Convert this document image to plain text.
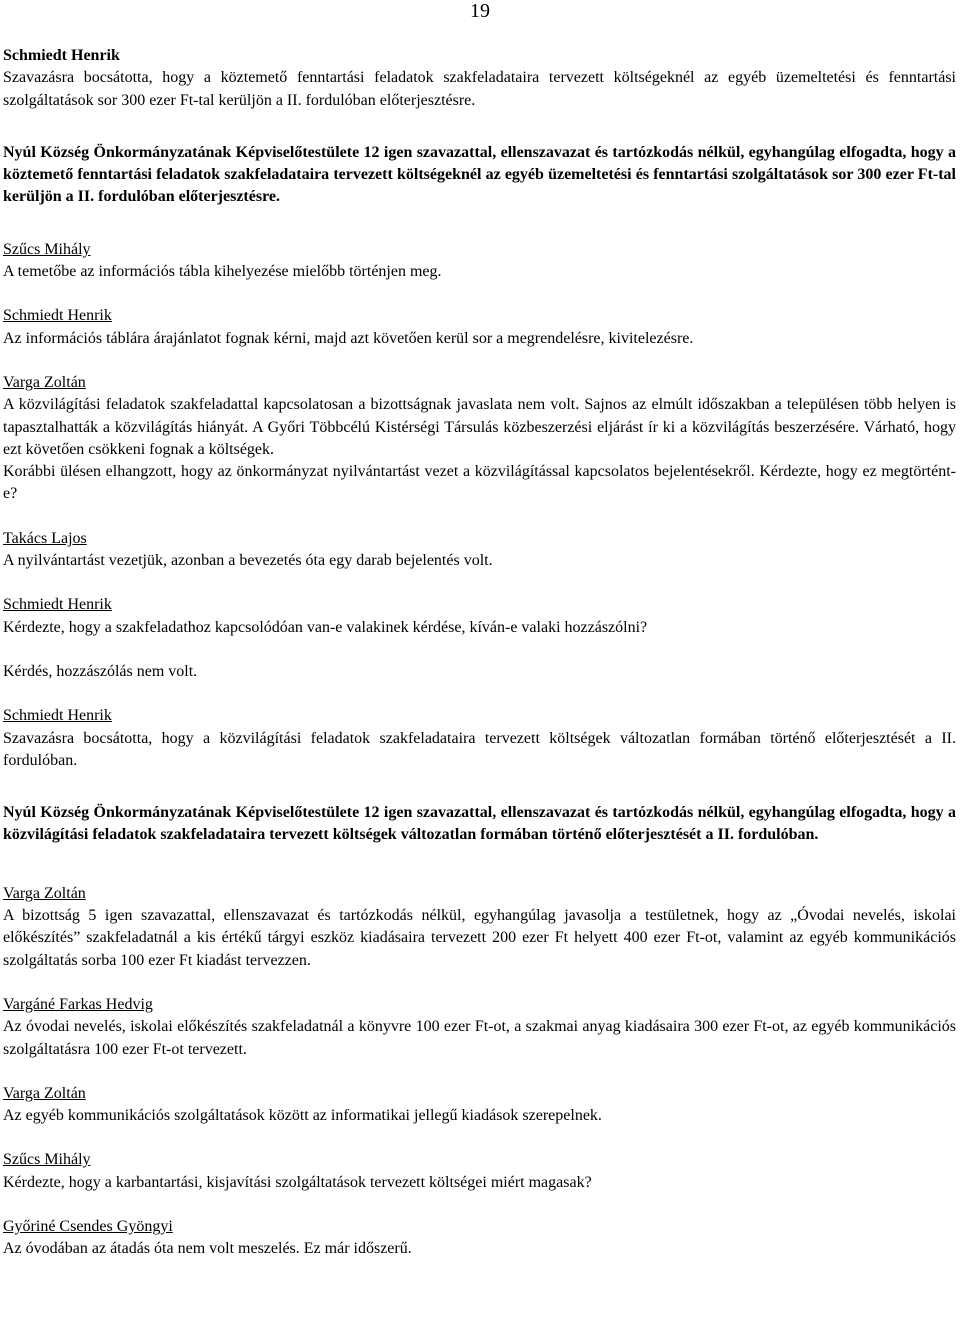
19
Schmiedt Henrik

Szavazásra bocsátotta, hogy a köztemető fenntartási feladatok szakfeladataira tervezett költségeknél az egyéb üzemeltetési és fenntartási szolgáltatások sor 300 ezer Ft-tal kerüljön a II. fordulóban előterjesztésre.

Nyúl Község Önkormányzatának Képviselőtestülete 12 igen szavazattal, ellenszavazat és tartózkodás nélkül, egyhangúlag elfogadta, hogy a köztemető fenntartási feladatok szakfeladataira tervezett költségeknél az egyéb üzemeltetési és fenntartási szolgáltatások sor 300 ezer Ft-tal kerüljön a II. fordulóban előterjesztésre.

Szűcs Mihály

A temetőbe az információs tábla kihelyezése mielőbb történjen meg.

Schmiedt Henrik

Az információs táblára árajánlatot fognak kérni, majd azt követően kerül sor a megrendelésre, kivitelezésre.

Varga Zoltán

A közvilágítási feladatok szakfeladattal kapcsolatosan a bizottságnak javaslata nem volt. Sajnos az elmúlt időszakban a településen több helyen is tapasztalhatták a közvilágítás hiányát. A Győri Többcélú Kistérségi Társulás közbeszerzési eljárást ír ki a közvilágítás beszerzésére. Várható, hogy ezt követően csökkeni fognak a költségek.

Korábbi ülésen elhangzott, hogy az önkormányzat nyilvántartást vezet a közvilágítással kapcsolatos bejelentésekről. Kérdezte, hogy ez megtörtént-e?

Takács Lajos

A nyilvántartást vezetjük, azonban a bevezetés óta egy darab bejelentés volt.

Schmiedt Henrik

Kérdezte, hogy a szakfeladathoz kapcsolódóan van-e valakinek kérdése, kíván-e valaki hozzászólni?

Kérdés, hozzászólás nem volt.

Schmiedt Henrik

Szavazásra bocsátotta, hogy a közvilágítási feladatok szakfeladataira tervezett költségek változatlan formában történő előterjesztését a II. fordulóban.

Nyúl Község Önkormányzatának Képviselőtestülete 12 igen szavazattal, ellenszavazat és tartózkodás nélkül, egyhangúlag elfogadta, hogy a közvilágítási feladatok szakfeladataira tervezett költségek változatlan formában történő előterjesztését a II. fordulóban.

Varga Zoltán

A bizottság 5 igen szavazattal, ellenszavazat és tartózkodás nélkül, egyhangúlag javasolja a testületnek, hogy az „Óvodai nevelés, iskolai előkészítés” szakfeladatnál a kis értékű tárgyi eszköz kiadásaira tervezett 200 ezer Ft helyett 400 ezer Ft-ot, valamint az egyéb kommunikációs szolgáltatás sorba 100 ezer Ft kiadást tervezzen.

Vargáné Farkas Hedvig

Az óvodai nevelés, iskolai előkészítés szakfeladatnál a könyvre 100 ezer Ft-ot, a szakmai anyag kiadásaira 300 ezer Ft-ot, az egyéb kommunikációs szolgáltatásra 100 ezer Ft-ot tervezett.

Varga Zoltán

Az egyéb kommunikációs szolgáltatások között az informatikai jellegű kiadások szerepelnek.

Szűcs Mihály

Kérdezte, hogy a karbantartási, kisjavítási szolgáltatások tervezett költségei miért magasak?

Győriné Csendes Gyöngyi

Az óvodában az átadás óta nem volt meszelés. Ez már időszerű.
